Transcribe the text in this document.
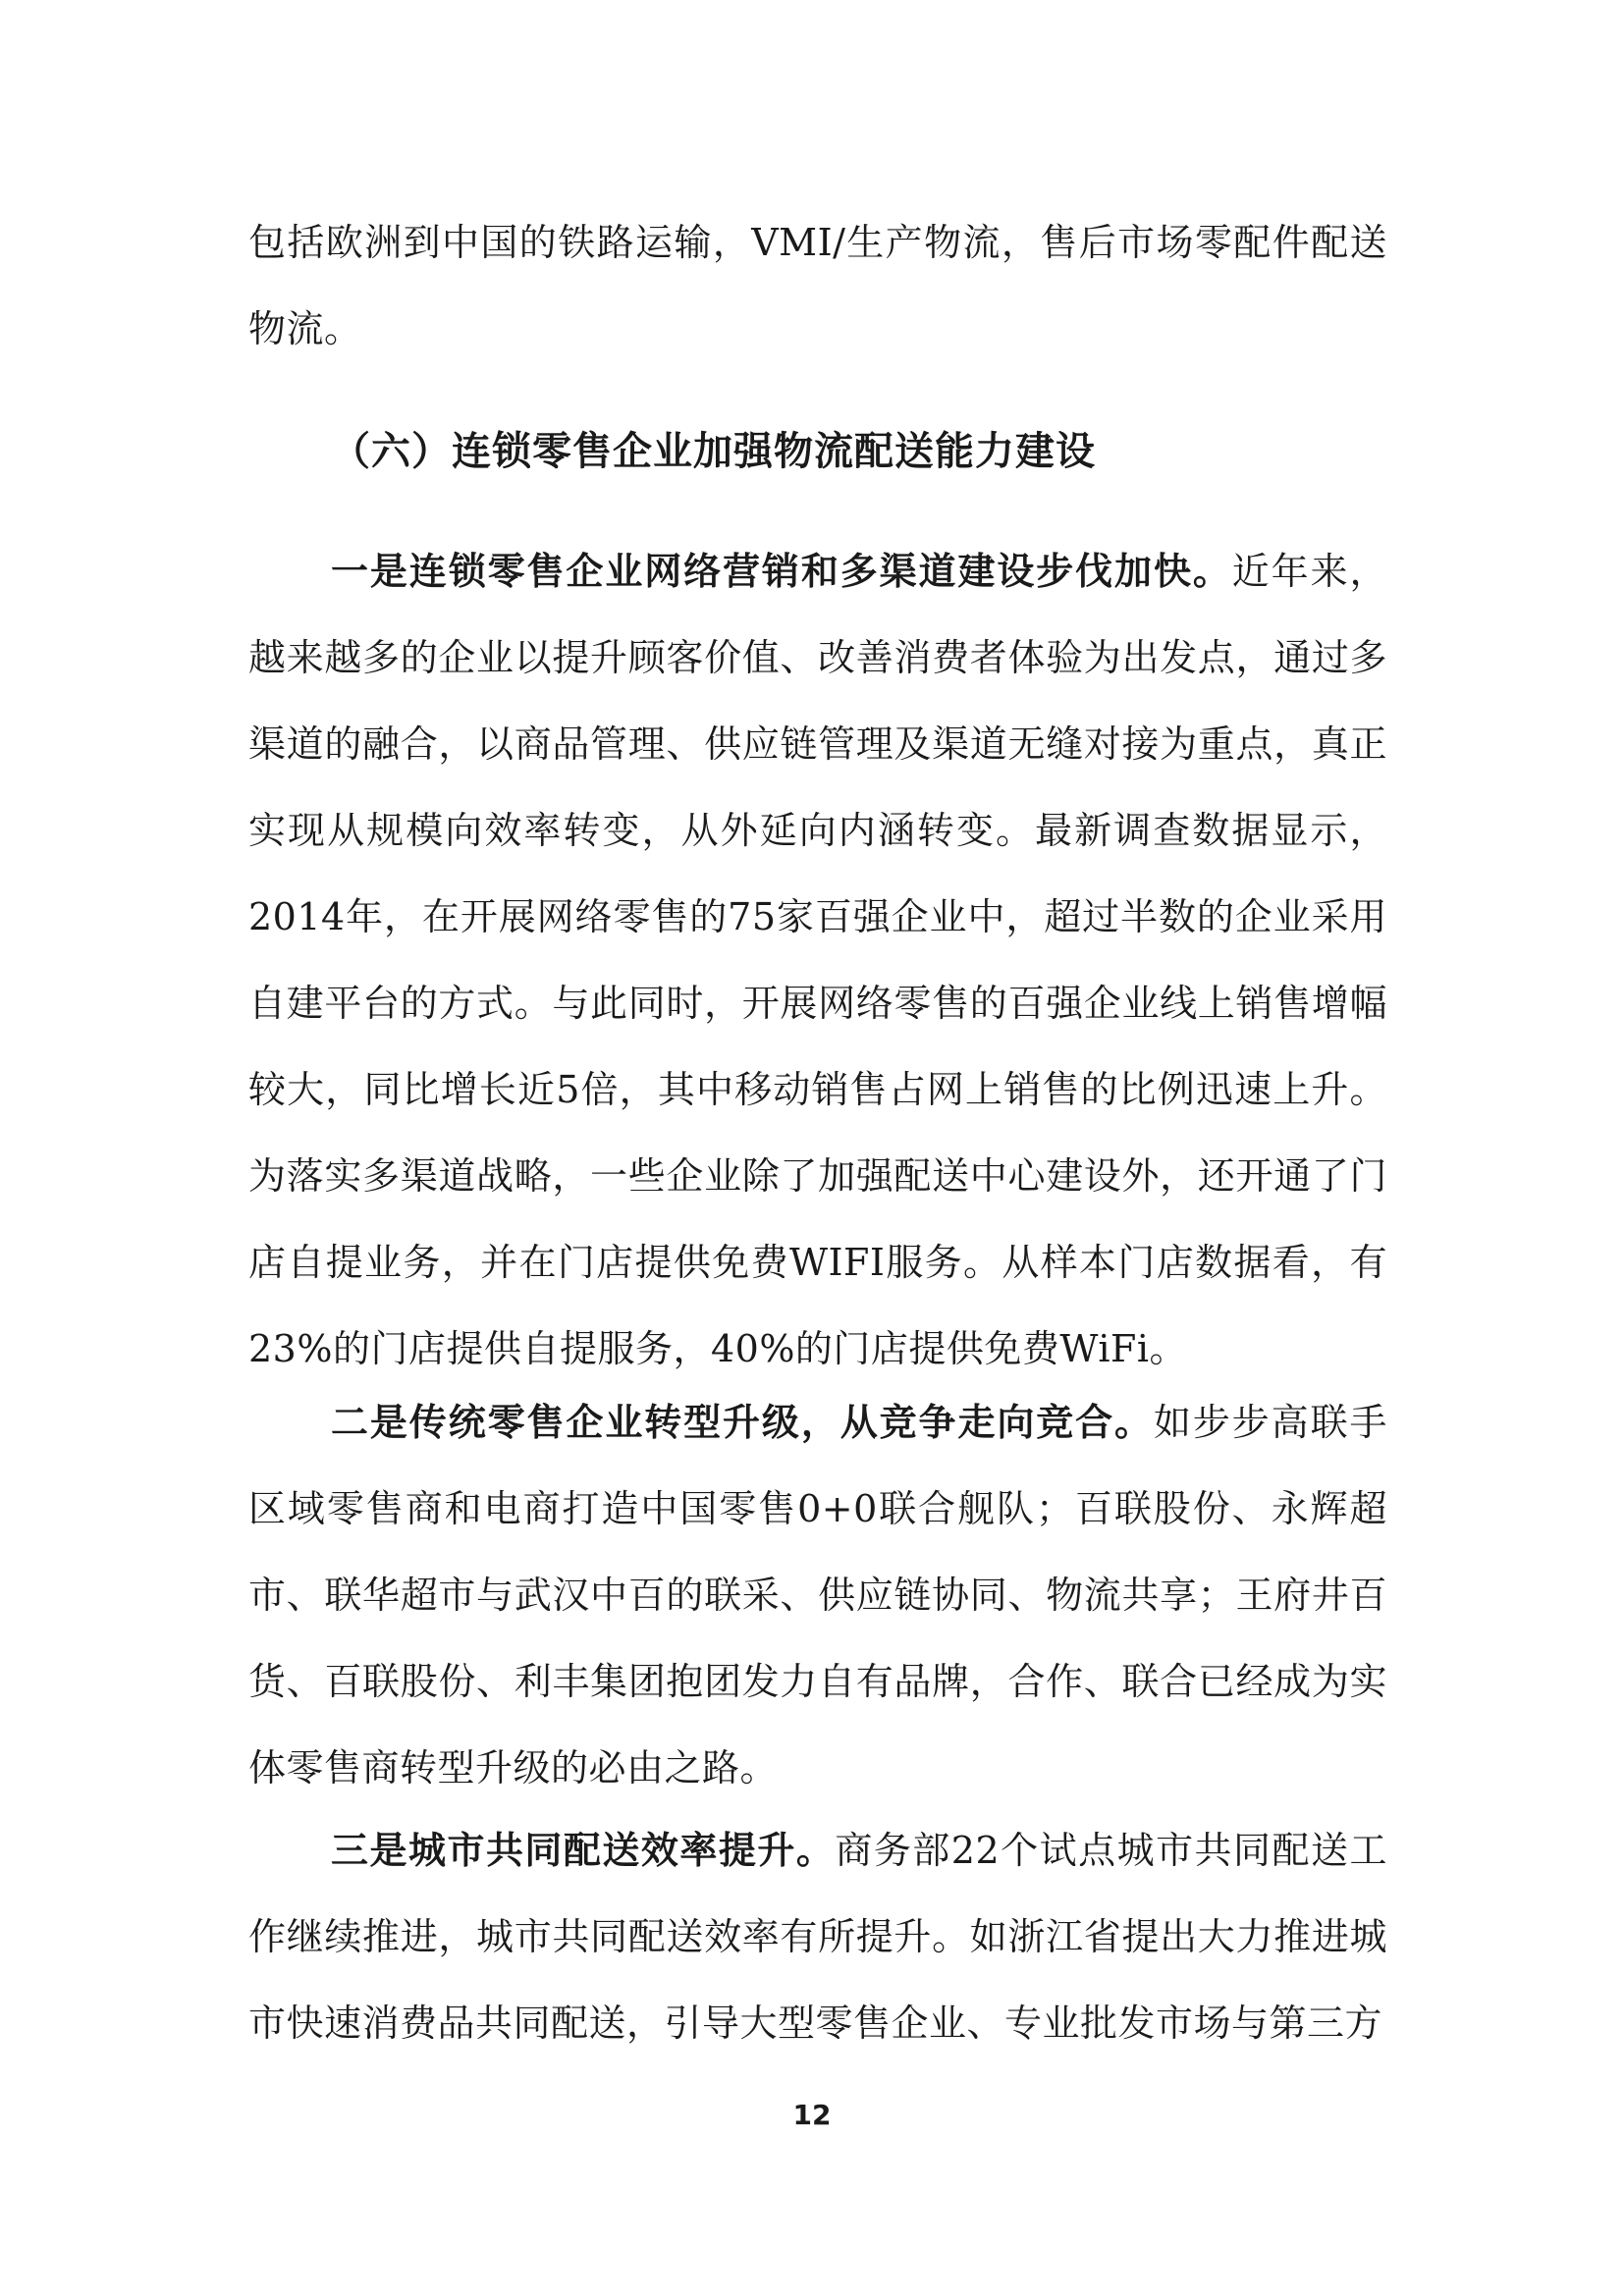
包括欧洲到中国的铁路运输，VMI/生产物流，售后市场零配件配送物流。

（六）连锁零售企业加强物流配送能力建设

一是连锁零售企业网络营销和多渠道建设步伐加快。近年来，越来越多的企业以提升顾客价值、改善消费者体验为出发点，通过多渠道的融合，以商品管理、供应链管理及渠道无缝对接为重点，真正实现从规模向效率转变，从外延向内涵转变。最新调查数据显示，2014年，在开展网络零售的75家百强企业中，超过半数的企业采用自建平台的方式。与此同时，开展网络零售的百强企业线上销售增幅较大，同比增长近5倍，其中移动销售占网上销售的比例迅速上升。为落实多渠道战略，一些企业除了加强配送中心建设外，还开通了门店自提业务，并在门店提供免费WIFI服务。从样本门店数据看，有23%的门店提供自提服务，40%的门店提供免费WiFi。

二是传统零售企业转型升级，从竞争走向竞合。如步步高联手区域零售商和电商打造中国零售0+0联合舰队；百联股份、永辉超市、联华超市与武汉中百的联采、供应链协同、物流共享；王府井百货、百联股份、利丰集团抱团发力自有品牌，合作、联合已经成为实体零售商转型升级的必由之路。

三是城市共同配送效率提升。商务部22个试点城市共同配送工作继续推进，城市共同配送效率有所提升。如浙江省提出大力推进城市快速消费品共同配送，引导大型零售企业、专业批发市场与第三方

12
